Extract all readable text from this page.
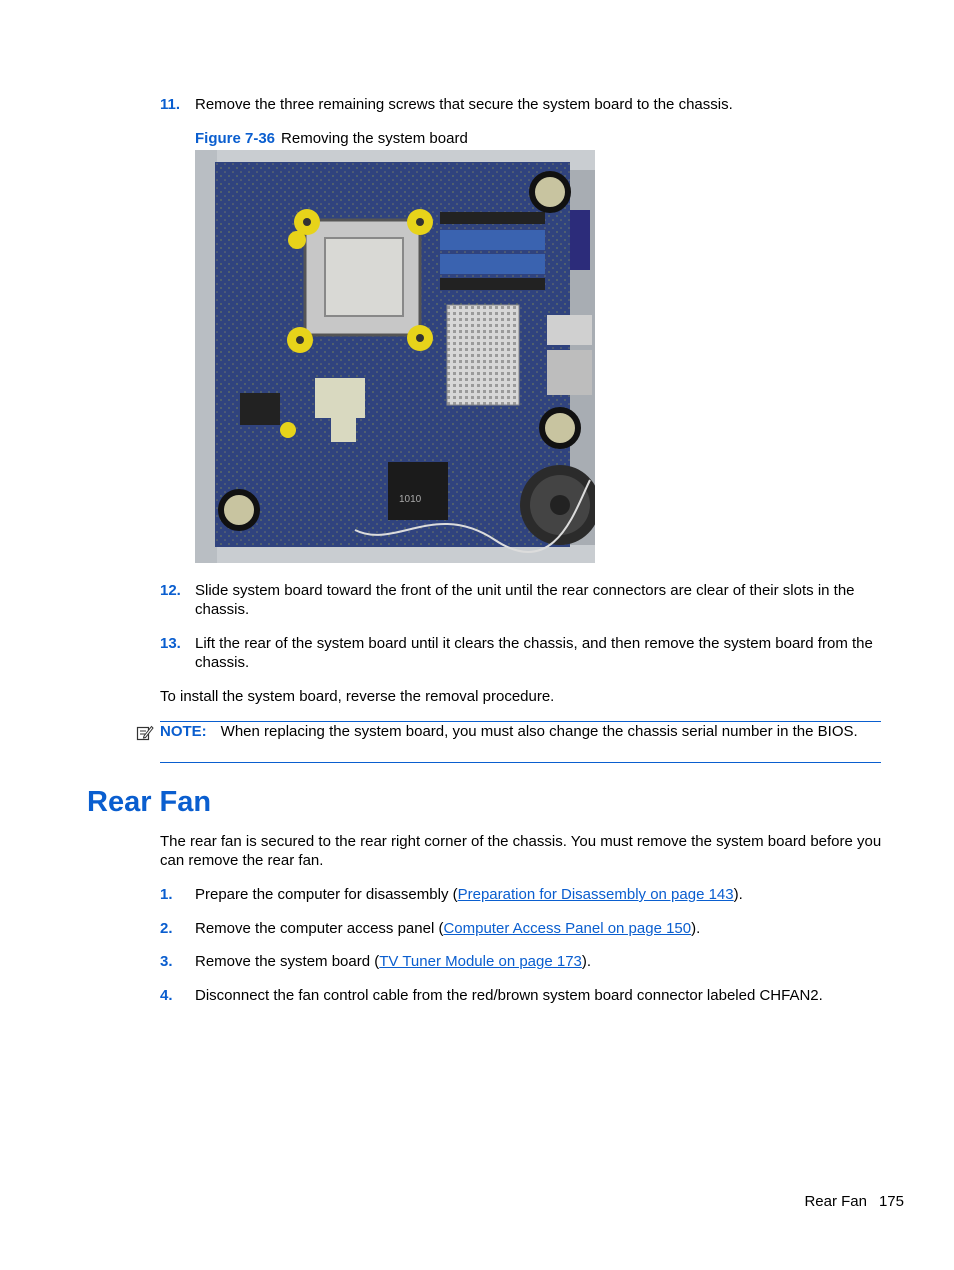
11. Remove the three remaining screws that secure the system board to the chassis.
Figure 7-36 Removing the system board
1010
12. Slide system board toward the front of the unit until the rear connectors are clear of their slots in the chassis.
13. Lift the rear of the system board until it clears the chassis, and then remove the system board from the chassis.
To install the system board, reverse the removal procedure.
NOTE: When replacing the system board, you must also change the chassis serial number in the BIOS.
Rear Fan
The rear fan is secured to the rear right corner of the chassis. You must remove the system board before you can remove the rear fan.
1. Prepare the computer for disassembly (Preparation for Disassembly on page 143).
2. Remove the computer access panel (Computer Access Panel on page 150).
3. Remove the system board (TV Tuner Module on page 173).
4. Disconnect the fan control cable from the red/brown system board connector labeled CHFAN2.
Rear Fan 175
